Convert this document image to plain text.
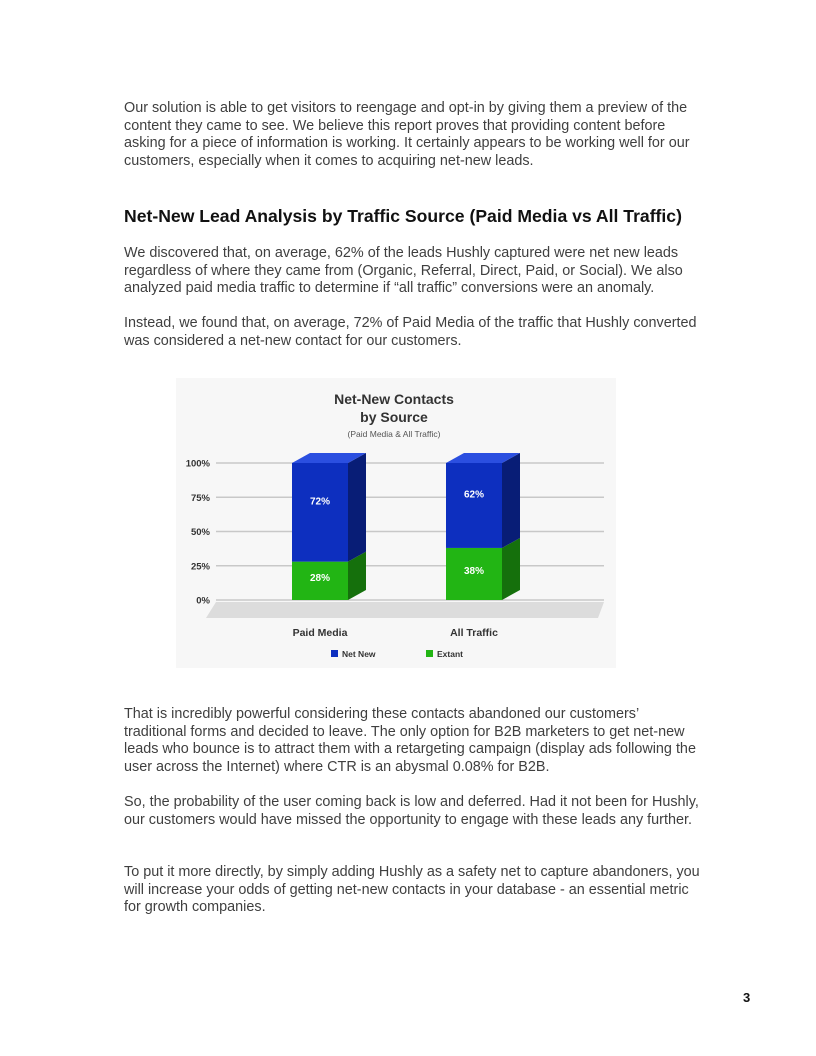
Our solution is able to get visitors to reengage and opt-in by giving them a preview of the content they came to see. We believe this report proves that providing content before asking for a piece of information is working. It certainly appears to be working well for our customers, especially when it comes to acquiring net-new leads.

Net-New Lead Analysis by Traffic Source (Paid Media vs All Traffic)

We discovered that, on average, 62% of the leads Hushly captured were net new leads regardless of where they came from (Organic, Referral, Direct, Paid, or Social). We also analyzed paid media traffic to determine if “all traffic” conversions were an anomaly.

Instead, we found that, on average, 72% of Paid Media of the traffic that Hushly converted was considered a net-new contact for our customers.

Net-New Contacts
by Source
(Paid Media & All Traffic)
0%
25%
50%
75%
100%
28%
72%
38%
62%
Paid Media	All Traffic
Net New	Extant

That is incredibly powerful considering these contacts abandoned our customers’ traditional forms and decided to leave. The only option for B2B marketers to get net-new leads who bounce is to attract them with a retargeting campaign (display ads following the user across the Internet) where CTR is an abysmal 0.08% for B2B.

So, the probability of the user coming back is low and deferred. Had it not been for Hushly, our customers would have missed the opportunity to engage with these leads any further.

To put it more directly, by simply adding Hushly as a safety net to capture abandoners, you will increase your odds of getting net-new contacts in your database - an essential metric for growth companies.

3
